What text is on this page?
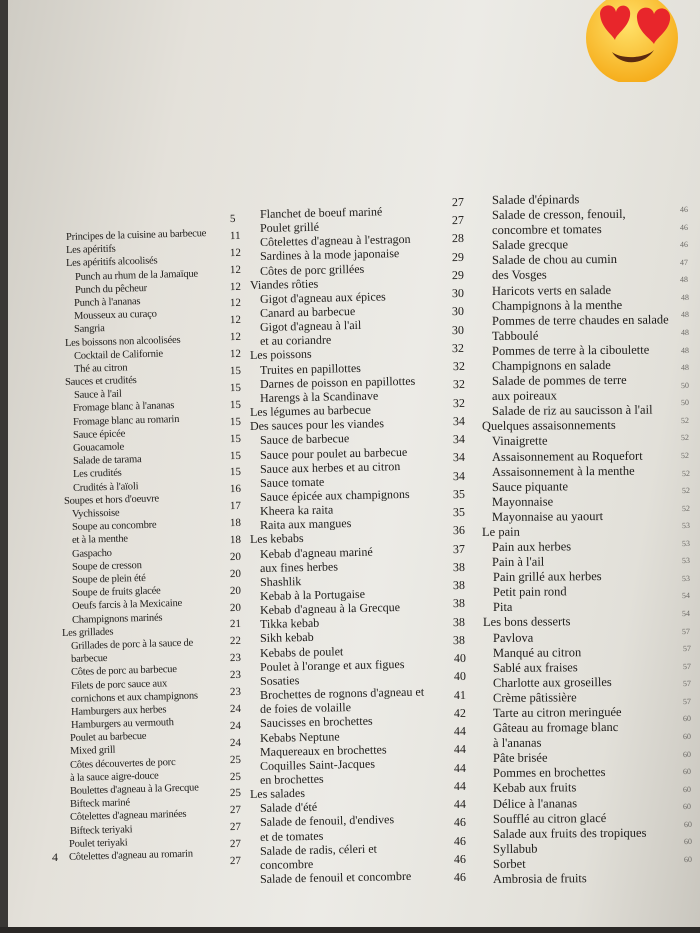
Principes de la cuisine au barbecue
Les apéritifs
Les apéritifs alcoolisés
Punch au rhum de la Jamaïque
Punch du pêcheur
Punch à l'ananas
Mousseux au curaço
Sangria
Les boissons non alcoolisées
Cocktail de Californie
Thé au citron
Sauces et crudités
Sauce à l'ail
Fromage blanc à l'ananas
Fromage blanc au romarin
Sauce épicée
Gouacamole
Salade de tarama
Les crudités
Crudités à l'aïoli
Soupes et hors d'oeuvre
Vychissoise
Soupe au concombre
et à la menthe
Gaspacho
Soupe de cresson
Soupe de plein été
Soupe de fruits glacée
Oeufs farcis à la Mexicaine
Champignons marinés
Les grillades
Grillades de porc à la sauce de
barbecue
Côtes de porc au barbecue
Filets de porc sauce aux
cornichons et aux champignons
Hamburgers aux herbes
Hamburgers au vermouth
Poulet au barbecue
Mixed grill
Côtes découvertes de porc
à la sauce aigre-douce
Boulettes d'agneau à la Grecque
Bifteck mariné
Côtelettes d'agneau marinées
Bifteck teriyaki
Poulet teriyaki
Côtelettes d'agneau au romarin
5
11
12
12
12
12
12
12
12
15
15
15
15
15
15
15
16
17
18
18
20
20
20
20
21
22
23
23
23
24
24
24
25
25
25
27
27
27
27
Flanchet de boeuf mariné
Poulet grillé
Côtelettes d'agneau à l'estragon
Sardines à la mode japonaise
Côtes de porc grillées
Viandes rôties
Gigot d'agneau aux épices
Canard au barbecue
Gigot d'agneau à l'ail
et au coriandre
Les poissons
Truites en papillottes
Darnes de poisson en papillottes
Harengs à la Scandinave
Les légumes au barbecue
Des sauces pour les viandes
Sauce de barbecue
Sauce pour poulet au barbecue
Sauce aux herbes et au citron
Sauce tomate
Sauce épicée aux champignons
Kheera ka raita
Raita aux mangues
Les kebabs
Kebab d'agneau mariné
aux fines herbes
Shashlik
Kebab à la Portugaise
Kebab d'agneau à la Grecque
Tikka kebab
Sikh kebab
Kebabs de poulet
Poulet à l'orange et aux figues
Sosaties
Brochettes de rognons d'agneau et
de foies de volaille
Saucisses en brochettes
Kebabs Neptune
Maquereaux en brochettes
Coquilles Saint-Jacques
en brochettes
Les salades
Salade d'été
Salade de fenouil, d'endives
et de tomates
Salade de radis, céleri et
concombre
Salade de fenouil et concombre
27
27
28
29
29
30
30
30
32
32
32
32
34
34
34
34
35
35
36
37
38
38
38
38
38
40
40
41
42
44
44
44
44
44
46
46
46
46
Salade d'épinards
Salade de cresson, fenouil,
concombre et tomates
Salade grecque
Salade de chou au cumin
des Vosges
Haricots verts en salade
Champignons à la menthe
Pommes de terre chaudes en salade
Tabboulé
Pommes de terre à la ciboulette
Champignons en salade
Salade de pommes de terre
aux poireaux
Salade de riz au saucisson à l'ail
Quelques assaisonnements
Vinaigrette
Assaisonnement au Roquefort
Assaisonnement à la menthe
Sauce piquante
Mayonnaise
Mayonnaise au yaourt
Le pain
Pain aux herbes
Pain à l'ail
Pain grillé aux herbes
Petit pain rond
Pita
Les bons desserts
Pavlova
Manqué au citron
Sablé aux fraises
Charlotte aux groseilles
Crème pâtissière
Tarte au citron meringuée
Gâteau au fromage blanc
à l'ananas
Pâte brisée
Pommes en brochettes
Kebab aux fruits
Délice à l'ananas
Soufflé au citron glacé
Salade aux fruits des tropiques
Syllabub
Sorbet
Ambrosia de fruits
46
46
46
47
48
48
48
48
48
48
50
50
52
52
52
52
52
52
53
53
53
53
54
54
57
57
57
57
57
60
60
60
60
60
60
60
60
60
4
